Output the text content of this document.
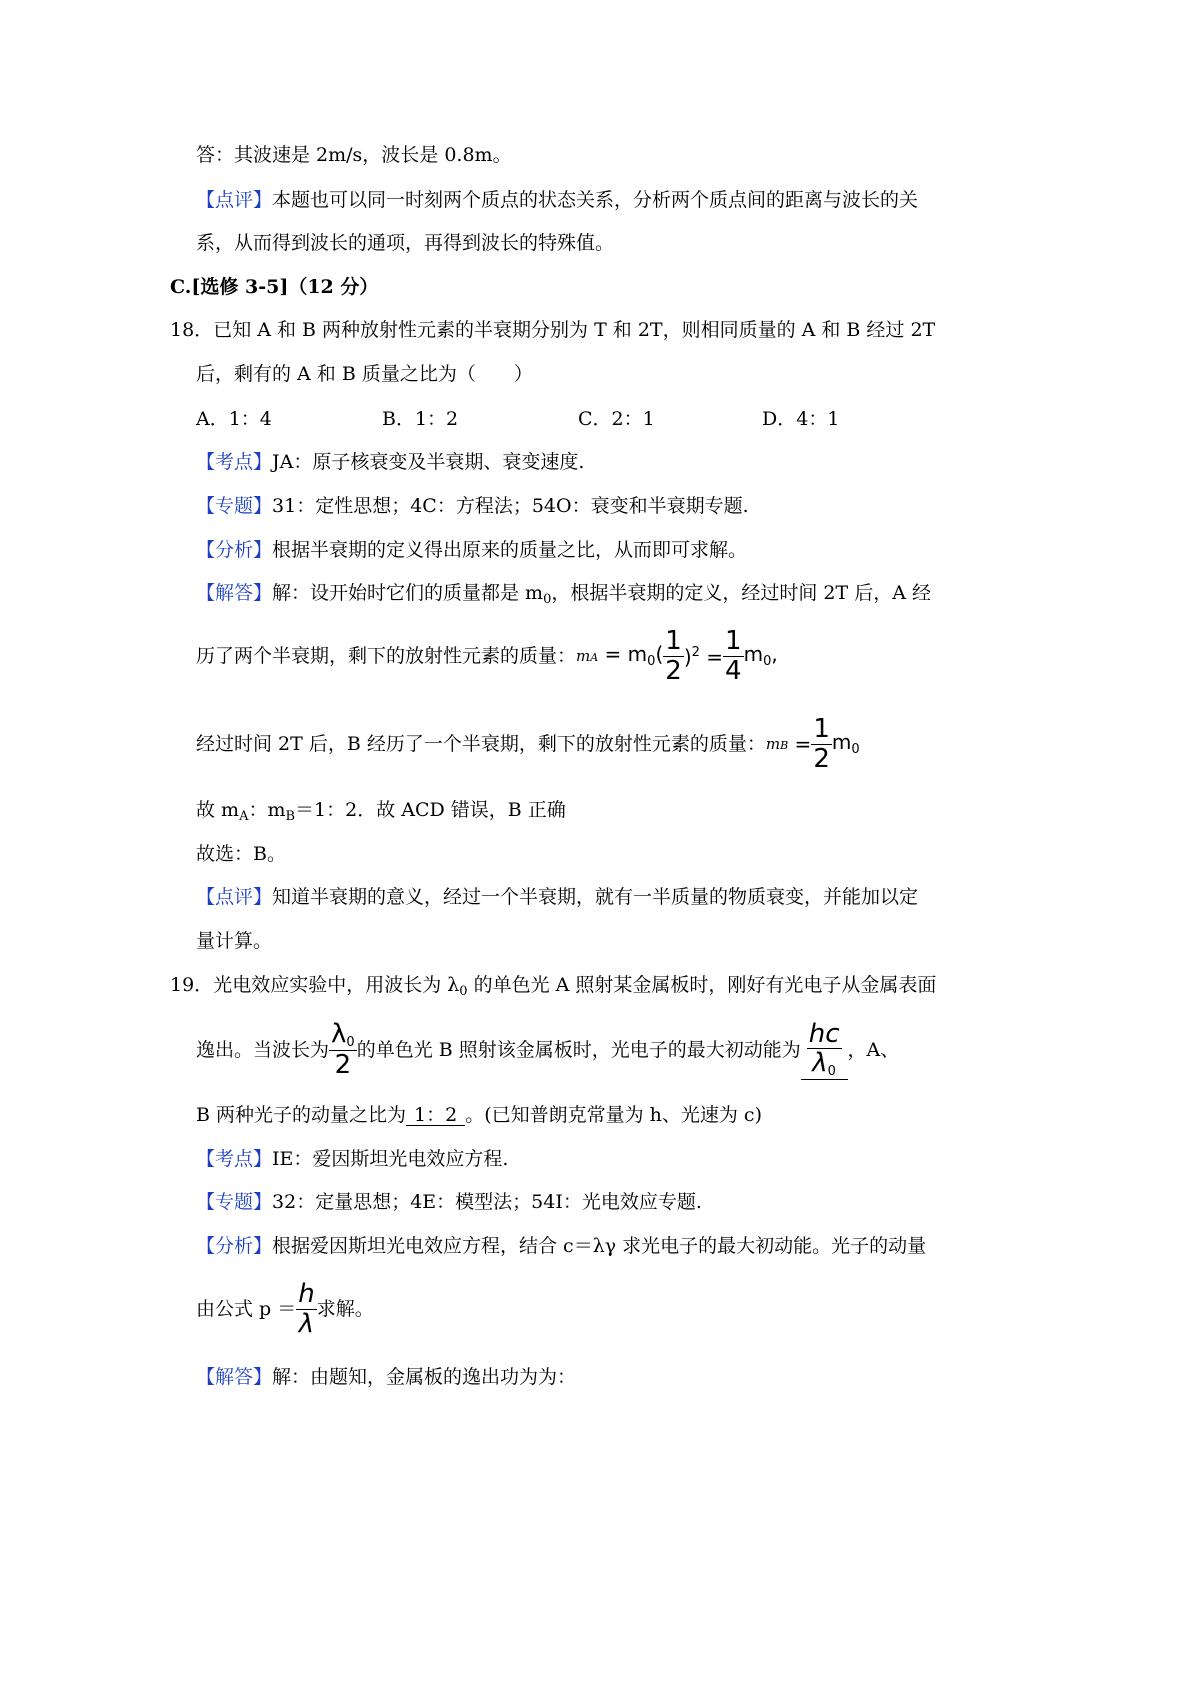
答：其波速是 2m/s，波长是 0.8m。
【点评】本题也可以同一时刻两个质点的状态关系，分析两个质点间的距离与波长的关
系，从而得到波长的通项，再得到波长的特殊值。
C.[选修 3-5]（12 分）
18．已知 A 和 B 两种放射性元素的半衰期分别为 T 和 2T，则相同质量的 A 和 B 经过 2T
后，剩有的 A 和 B 质量之比为（　　）
A．1：4	B．1：2	C．2：1	D．4：1
【考点】JA：原子核衰变及半衰期、衰变速度.
【专题】31：定性思想；4C：方程法；54O：衰变和半衰期专题.
【分析】根据半衰期的定义得出原来的质量之比，从而即可求解。
【解答】解：设开始时它们的质量都是 $m_0$，根据半衰期的定义，经过时间 2T 后，A 经
历了两个半衰期，剩下的放射性元素的质量： mA = $m_0( \frac{1}{2} )^2 = \frac{1}{4} m_0$,
经过时间 2T 后，B 经历了一个半衰期，剩下的放射性元素的质量： mB = $\frac{1}{2} m_0$
故 $m_A$：$m_B=1$：2．故 ACD 错误，B 正确
故选：B。
【点评】知道半衰期的意义，经过一个半衰期，就有一半质量的物质衰变，并能加以定
量计算。
19．光电效应实验中，用波长为 $\lambda_0$ 的单色光 A 照射某金属板时，刚好有光电子从金属表面
逸出。当波长为 $\frac{\lambda_0}{2}$ 的单色光 B 照射该金属板时，光电子的最大初动能为 $\frac{hc}{\lambda_0}$ ，A、
B 两种光子的动量之比为 1：2 。(已知普朗克常量为 h、光速为 c)
【考点】IE：爱因斯坦光电效应方程.
【专题】32：定量思想；4E：模型法；54I：光电效应专题.
【分析】根据爱因斯坦光电效应方程，结合 c＝λγ 求光电子的最大初动能。光子的动量
由公式 $p = \frac{h}{\lambda}$ 求解。
【解答】解：由题知，金属板的逸出功为为：
